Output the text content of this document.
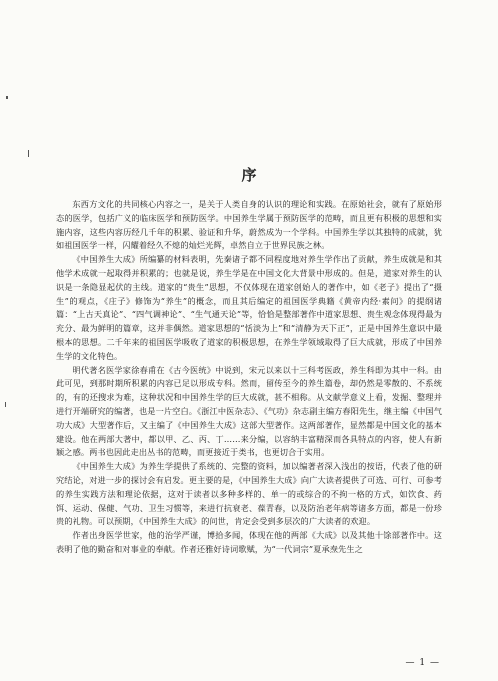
序

东西方文化的共同核心内容之一，是关于人类自身的认识的理论和实践。在原始社会，就有了原始形态的医学，包括广义的临床医学和预防医学。中国养生学属于预防医学的范畴，而且更有积极的思想和实施内容，这些内容历经几千年的积累、验证和升华，蔚然成为一个学科。中国养生学以其独特的成就，犹如祖国医学一样，闪耀着经久不熄的灿烂光辉，卓然自立于世界民族之林。

《中国养生大成》所编纂的材料表明，先秦诸子都不同程度地对养生学作出了贡献，养生成就是和其他学术成就一起取得并积累的；也就是说，养生学是在中国文化大背景中形成的。但是，道家对养生的认识是一条隐显起伏的主线。道家的“贵生”思想，不仅体现在道家创始人的著作中，如《老子》提出了“摄生”的观点，《庄子》修饰为“养生”的概念，而且其后编定的祖国医学典籍《黄帝内经·素问》的提纲诸篇：“上古天真论”、“四气调神论”、“生气通天论”等，恰恰是整部著作中道家思想、贵生观念体现得最为充分、最为鲜明的篇章，这并非偶然。道家思想的“恬淡为上”和“清静为天下正”，正是中国养生意识中最根本的思想。二千年来的祖国医学吸收了道家的积极思想，在养生学领域取得了巨大成就，形成了中国养生学的文化特色。

明代著名医学家徐春甫在《古今医统》中说到，宋元以来以十三科考医政，养生科即为其中一科。由此可见，到那时期所积累的内容已足以形成专科。然而，留传至今的养生篇卷，却仍然是零散的、不系统的，有的还搜求为难，这种状况和中国养生学的巨大成就，甚不相称。从文献学意义上看，发掘、整理并进行开端研究的编著，也是一片空白。《浙江中医杂志》、《气功》杂志副主编方春阳先生，继主编《中国气功大成》大型著作后，又主编了《中国养生大成》这部大型著作。这两部著作，显然都是中国文化的基本建设。他在两部大著中，都以甲、乙、丙、丁……来分编，以容纳丰富精深而各具特点的内容，使人有新颖之感。两书也因此走出丛书的范畴，而更接近于类书，也更切合于实用。

《中国养生大成》为养生学提供了系统的、完整的资料，加以编著者深入浅出的按语，代表了他的研究结论，对进一步的探讨会有启发。更主要的是，《中国养生大成》向广大读者提供了可选、可行、可参考的养生实践方法和理论依据，这对于读者以多种多样的、单一的或综合的不拘一格的方式，如饮食、药饵、运动、保健、气功、卫生习惯等，来进行抗衰老、葆青春，以及防治老年病等诸多方面，都是一份珍贵的礼物。可以预期，《中国养生大成》的问世，肯定会受到多层次的广大读者的欢迎。

作者出身医学世家，他的治学严谨，博拾多闻，体现在他的两部《大成》以及其他十馀部著作中。这表明了他的勤奋和对事业的奉献。作者还雅好诗词歌赋，为“一代词宗”夏承焘先生之

— 1 —
